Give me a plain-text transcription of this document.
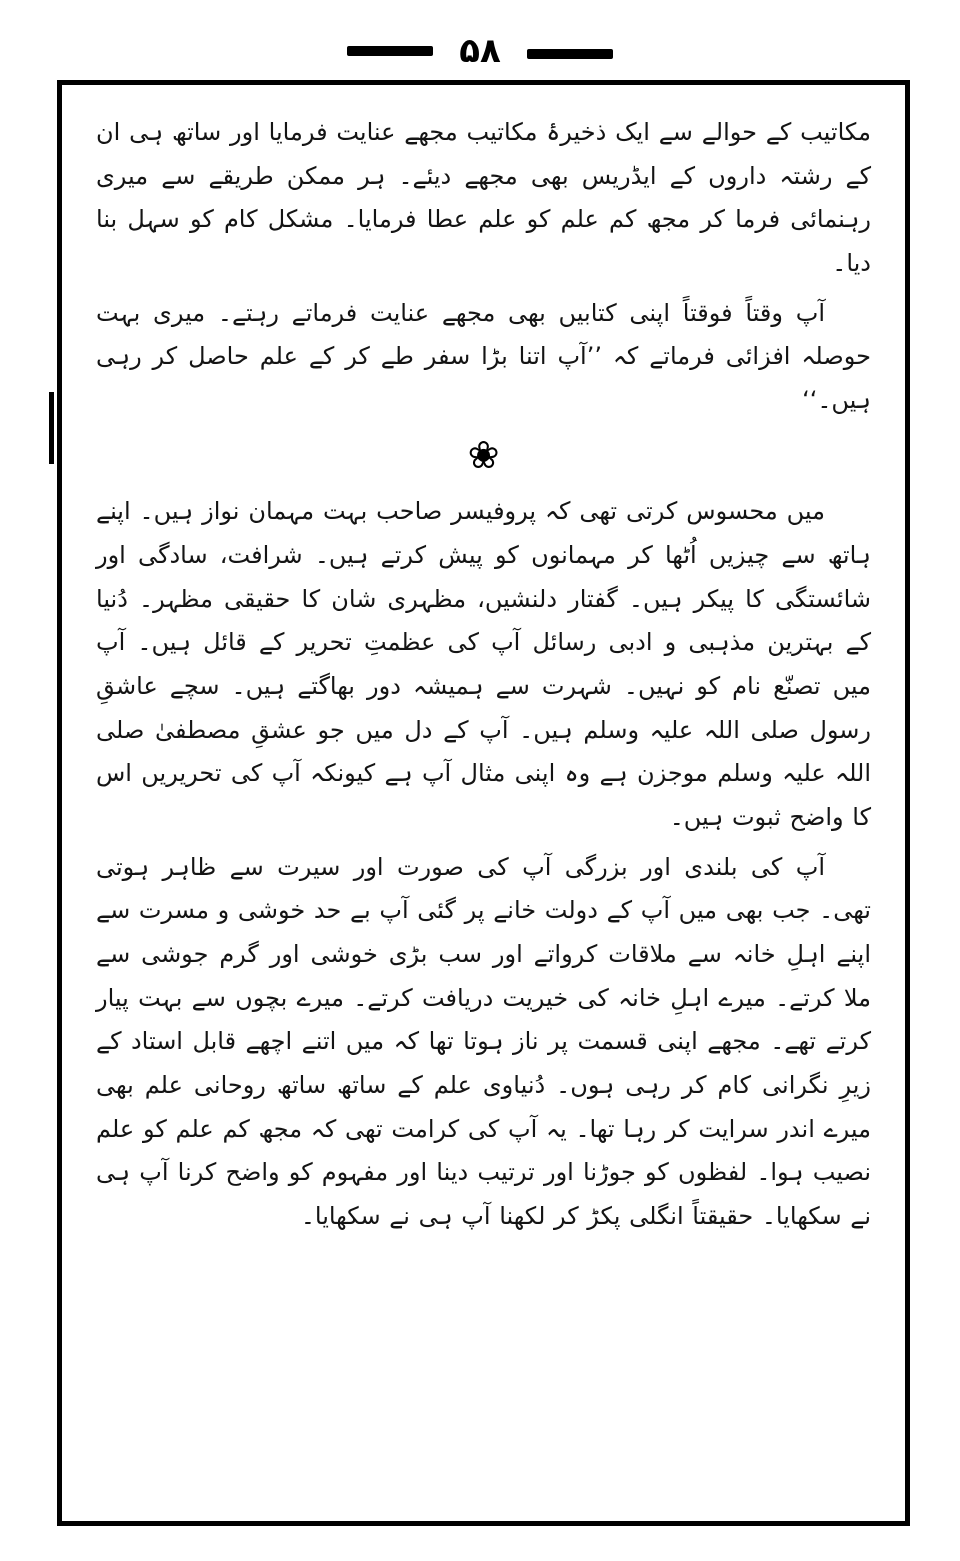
۵۸

مکاتیب کے حوالے سے ایک ذخیرۂ مکاتیب مجھے عنایت فرمایا اور ساتھ ہی ان کے رشتہ داروں کے ایڈریس بھی مجھے دیئے۔ ہر ممکن طریقے سے میری رہنمائی فرما کر مجھ کم علم کو علم عطا فرمایا۔ مشکل کام کو سہل بنا دیا۔

آپ وقتاً فوقتاً اپنی کتابیں بھی مجھے عنایت فرماتے رہتے۔ میری بہت حوصلہ افزائی فرماتے کہ ’’آپ اتنا بڑا سفر طے کر کے علم حاصل کر رہی ہیں۔‘‘

❀

میں محسوس کرتی تھی کہ پروفیسر صاحب بہت مہمان نواز ہیں۔ اپنے ہاتھ سے چیزیں اُٹھا کر مہمانوں کو پیش کرتے ہیں۔ شرافت، سادگی اور شائستگی کا پیکر ہیں۔ گفتار دلنشیں، مظہری شان کا حقیقی مظہر۔ دُنیا کے بہترین مذہبی و ادبی رسائل آپ کی عظمتِ تحریر کے قائل ہیں۔ آپ میں تصنّع نام کو نہیں۔ شہرت سے ہمیشہ دور بھاگتے ہیں۔ سچے عاشقِ رسول صلی اللہ علیہ وسلم ہیں۔ آپ کے دل میں جو عشقِ مصطفیٰ صلی اللہ علیہ وسلم موجزن ہے وہ اپنی مثال آپ ہے کیونکہ آپ کی تحریریں اس کا واضح ثبوت ہیں۔

آپ کی بلندی اور بزرگی آپ کی صورت اور سیرت سے ظاہر ہوتی تھی۔ جب بھی میں آپ کے دولت خانے پر گئی آپ بے حد خوشی و مسرت سے اپنے اہلِ خانہ سے ملاقات کرواتے اور سب بڑی خوشی اور گرم جوشی سے ملا کرتے۔ میرے اہلِ خانہ کی خیریت دریافت کرتے۔ میرے بچوں سے بہت پیار کرتے تھے۔ مجھے اپنی قسمت پر ناز ہوتا تھا کہ میں اتنے اچھے قابل استاد کے زیرِ نگرانی کام کر رہی ہوں۔ دُنیاوی علم کے ساتھ ساتھ روحانی علم بھی میرے اندر سرایت کر رہا تھا۔ یہ آپ کی کرامت تھی کہ مجھ کم علم کو علم نصیب ہوا۔ لفظوں کو جوڑنا اور ترتیب دینا اور مفہوم کو واضح کرنا آپ ہی نے سکھایا۔ حقیقتاً انگلی پکڑ کر لکھنا آپ ہی نے سکھایا۔
